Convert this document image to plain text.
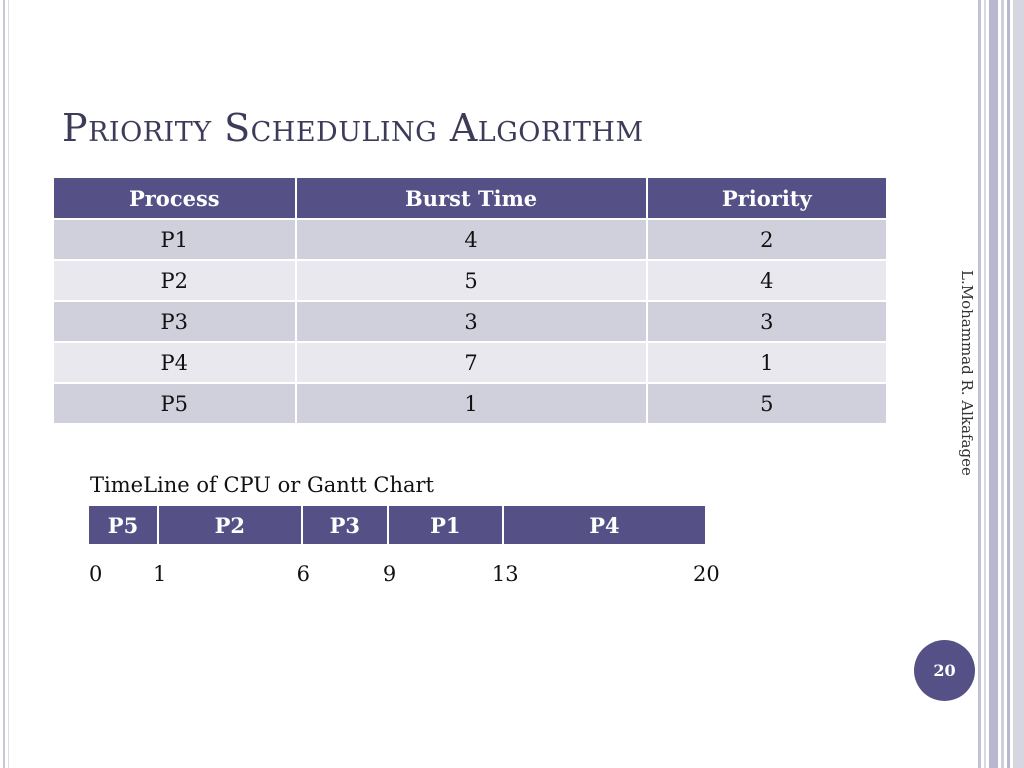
Priority Scheduling Algorithm
Process	Burst Time	Priority
P1	4	2
P2	5	4
P3	3	3
P4	7	1
P5	1	5
TimeLine of CPU or Gantt Chart
P5	P2	P3	P1	P4
0 1	6	9	13	20
L.Mohammad R. Alkafagee
20
